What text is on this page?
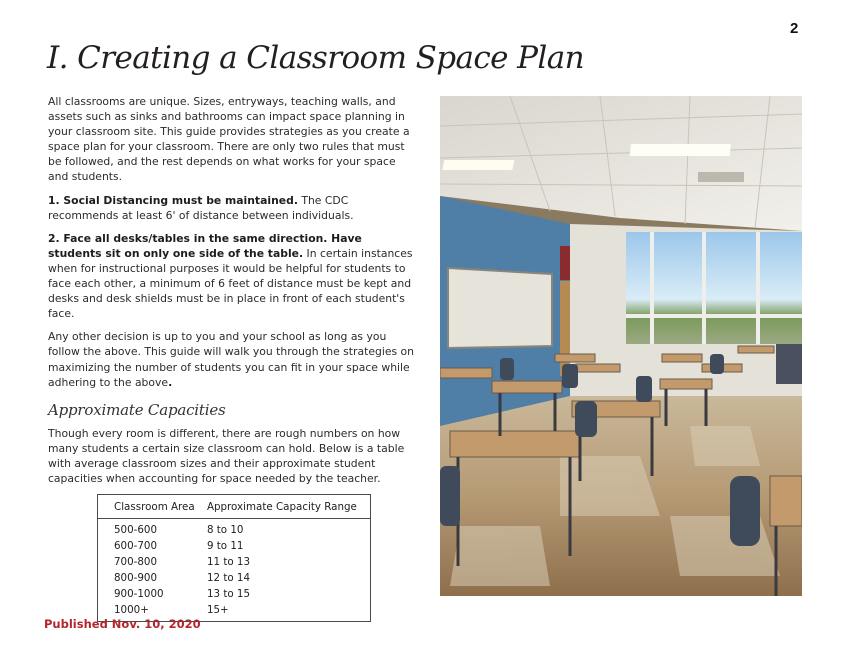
2
I. Creating a Classroom Space Plan

All classrooms are unique. Sizes, entryways, teaching walls, and assets such as sinks and bathrooms can impact space planning in your classroom site. This guide provides strategies as you create a space plan for your classroom. There are only two rules that must be followed, and the rest depends on what works for your space and students.

1. Social Distancing must be maintained. The CDC recommends at least 6' of distance between individuals.

2. Face all desks/tables in the same direction. Have students sit on only one side of the table. In certain instances when for instructional purposes it would be helpful for students to face each other, a minimum of 6 feet of distance must be kept and desks and desk shields must be in place in front of each student's face.

Any other decision is up to you and your school as long as you follow the above. This guide will walk you through the strategies on maximizing the number of students you can fit in your space while adhering to the above.

Approximate Capacities

Though every room is different, there are rough numbers on how many students a certain size classroom can hold. Below is a table with average classroom sizes and their approximate student capacities when accounting for space needed by the teacher.

Classroom Area	Approximate Capacity Range
500-600	8 to 10
600-700	9 to 11
700-800	11 to 13
800-900	12 to 14
900-1000	13 to 15
1000+	15+
Published Nov. 10, 2020
